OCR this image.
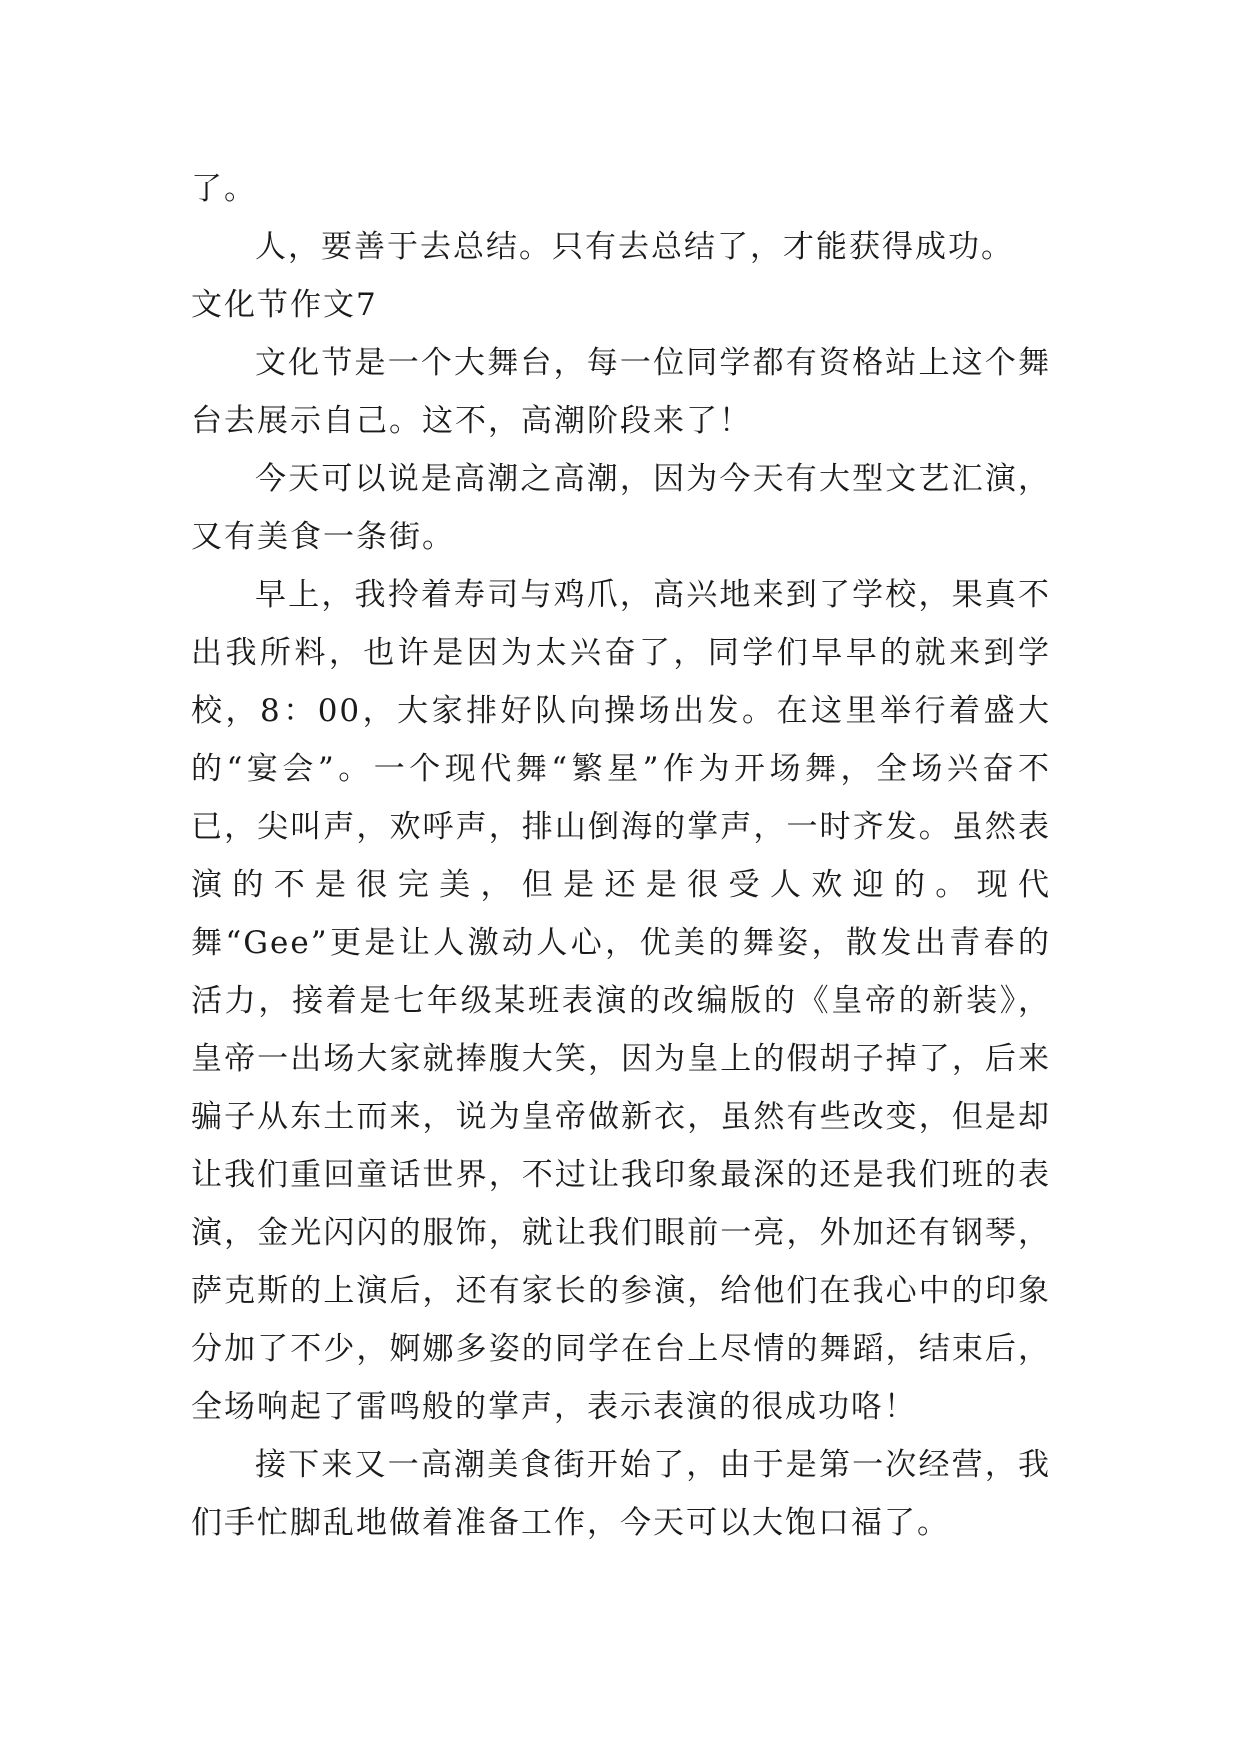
了。

人，要善于去总结。只有去总结了，才能获得成功。

文化节作文7

文化节是一个大舞台，每一位同学都有资格站上这个舞台去展示自己。这不，高潮阶段来了！

今天可以说是高潮之高潮，因为今天有大型文艺汇演，又有美食一条街。

早上，我拎着寿司与鸡爪，高兴地来到了学校，果真不出我所料，也许是因为太兴奋了，同学们早早的就来到学校，8：00，大家排好队向操场出发。在这里举行着盛大的“宴会”。一个现代舞“繁星”作为开场舞，全场兴奋不已，尖叫声，欢呼声，排山倒海的掌声，一时齐发。虽然表演的不是很完美，但是还是很受人欢迎的。现代舞“Gee”更是让人激动人心，优美的舞姿，散发出青春的活力，接着是七年级某班表演的改编版的《皇帝的新装》，皇帝一出场大家就捧腹大笑，因为皇上的假胡子掉了，后来骗子从东土而来，说为皇帝做新衣，虽然有些改变，但是却让我们重回童话世界，不过让我印象最深的还是我们班的表演，金光闪闪的服饰，就让我们眼前一亮，外加还有钢琴，萨克斯的上演后，还有家长的参演，给他们在我心中的印象分加了不少，婀娜多姿的同学在台上尽情的舞蹈，结束后，全场响起了雷鸣般的掌声，表示表演的很成功咯！

接下来又一高潮美食街开始了，由于是第一次经营，我们手忙脚乱地做着准备工作，今天可以大饱口福了。
